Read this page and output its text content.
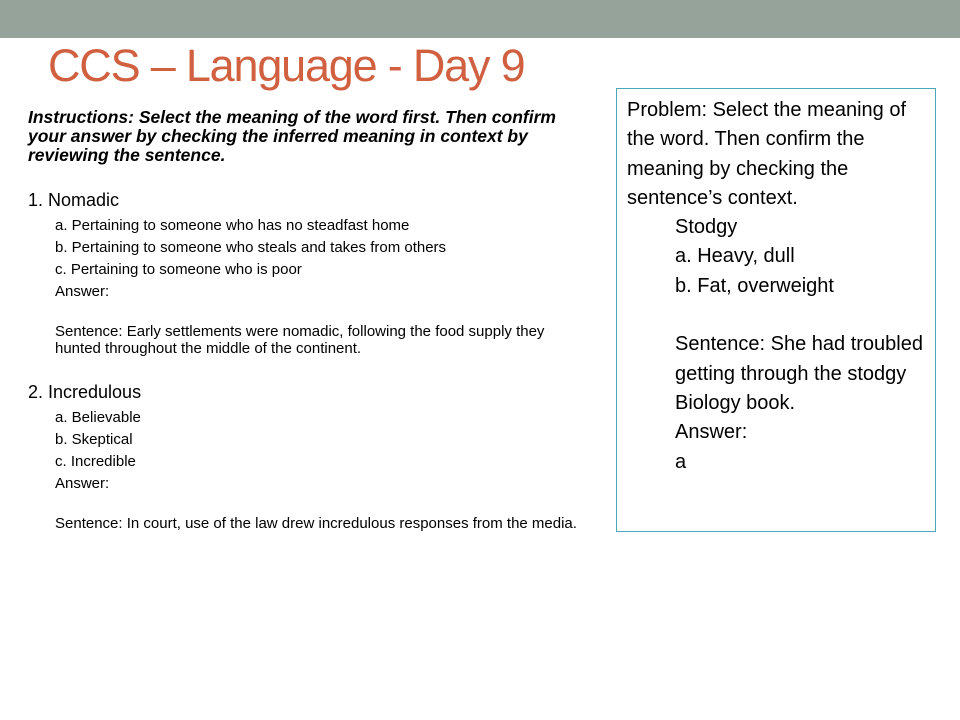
CCS – Language - Day 9

Instructions: Select the meaning of the word first. Then confirm your answer by checking the inferred meaning in context by reviewing the sentence.

1. Nomadic
a. Pertaining to someone who has no steadfast home
b. Pertaining to someone who steals and takes from others
c. Pertaining to someone who is poor
Answer:
Sentence: Early settlements were nomadic, following the food supply they hunted throughout the middle of the continent.
2. Incredulous
a. Believable
b. Skeptical
c. Incredible
Answer:
Sentence: In court, use of the law drew incredulous responses from the media.
Problem: Select the meaning of the word. Then confirm the meaning by checking the sentence’s context.
Stodgy
a. Heavy, dull
b. Fat, overweight
Sentence: She had troubled getting through the stodgy Biology book.
Answer:
a
